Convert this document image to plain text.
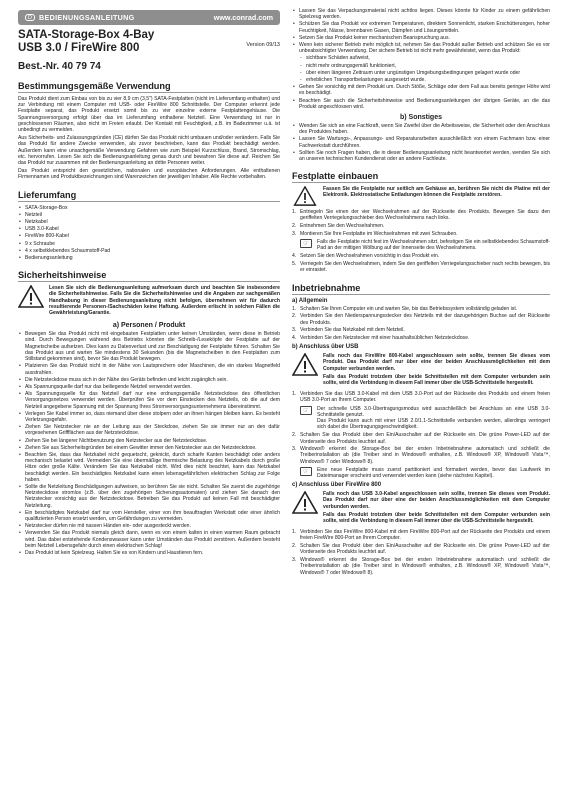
D BEDIENUNGSANLEITUNG	www.conrad.com
SATA-Storage-Box 4-Bay
USB 3.0 / FireWire 800	Version 09/13
Best.-Nr. 40 79 74
Bestimmungsgemäße Verwendung

Das Produkt dient zum Einbau von bis zu vier 8,9 cm (3,5") SATA-Festplatten (nicht im Lieferumfang enthalten) und zur Verbindung mit einem Computer mit USB- oder FireWire 800 Schnittstelle. Der Computer erkennt jede Festplatte separat, das Produkt ersetzt somit bis zu vier einzelne externe Festplattengehäuse. Die Spannungsversorgung erfolgt über das im Lieferumfang enthaltene Netzteil. Eine Verwendung ist nur in geschlossenen Räumen, also nicht im Freien erlaubt. Der Kontakt mit Feuchtigkeit, z.B. im Badezimmer u.ä. ist unbedingt zu vermeiden.

Aus Sicherheits- und Zulassungsgründen (CE) dürfen Sie das Produkt nicht umbauen und/oder verändern. Falls Sie das Produkt für andere Zwecke verwenden, als zuvor beschrieben, kann das Produkt beschädigt werden. Außerdem kann eine unsachgemäße Verwendung Gefahren wie zum Beispiel Kurzschluss, Brand, Stromschlag, etc. hervorrufen. Lesen Sie sich die Bedienungsanleitung genau durch und bewahren Sie diese auf. Reichen Sie das Produkt nur zusammen mit der Bedienungsanleitung an dritte Personen weiter.

Das Produkt entspricht den gesetzlichen, nationalen und europäischen Anforderungen. Alle enthaltenen Firmennamen und Produktbezeichnungen sind Warenzeichen der jeweiligen Inhaber. Alle Rechte vorbehalten.

Lieferumfang
• SATA-Storage-Box
• Netzteil
• Netzkabel
• USB 3.0-Kabel
• FireWire 800-Kabel
• 9 x Schraube
• 4 x selbstklebendes Schaumstoff-Pad
• Bedienungsanleitung
Sicherheitshinweise

Lesen Sie sich die Bedienungsanleitung aufmerksam durch und beachten Sie insbesondere die Sicherheitshinweise. Falls Sie die Sicherheitshinweise und die Angaben zur sachgemäßen Handhabung in dieser Bedienungsanleitung nicht befolgen, übernehmen wir für dadurch resultierende Personen-/Sachschäden keine Haftung. Außerdem erlischt in solchen Fällen die Gewährleistung/Garantie.

a) Personen / Produkt
• Bewegen Sie das Produkt nicht mit eingebauten Festplatten unter keinen Umständen, wenn diese in Betrieb sind. Durch Bewegungen während des Betriebs könnten die Schreib-/Leseköpfe der Festplatte auf der Magnetscheibe aufsetzen. Dies kann zu Datenverlust und zur Beschädigung der Festplatte führen. Schalten Sie das Produkt aus und warten Sie mindestens 30 Sekunden (bis die Magnetscheiben in den Festplatten zum Stillstand gekommen sind), bevor Sie das Produkt bewegen.
• Platzieren Sie das Produkt nicht in der Nähe von Lautsprechern oder Maschinen, die ein starkes Magnetfeld ausstrahlen.
• Die Netzsteckdose muss sich in der Nähe des Geräts befinden und leicht zugänglich sein.
• Als Spannungsquelle darf nur das beiliegende Netzteil verwendet werden.
• Als Spannungsquelle für das Netzteil darf nur eine ordnungsgemäße Netzsteckdose des öffentlichen Versorgungsnetzes verwendet werden. Überprüfen Sie vor dem Einstecken des Netzteils, ob die auf dem Netzteil angegebene Spannung mit der Spannung Ihres Stromversorgungsunternehmens übereinstimmt.
• Verlegen Sie Kabel immer so, dass niemand über diese stolpern oder an ihnen hängen bleiben kann. Es besteht Verletzungsgefahr.
• Ziehen Sie Netzstecker nie an der Leitung aus der Steckdose, ziehen Sie sie immer nur an den dafür vorgesehenen Griffflächen aus der Netzsteckdose.
• Ziehen Sie bei längerer Nichtbenutzung den Netzstecker aus der Netzsteckdose.
• Ziehen Sie aus Sicherheitsgründen bei einem Gewitter immer den Netzstecker aus der Netzsteckdose.
• Beachten Sie, dass das Netzkabel nicht gequetscht, geknickt, durch scharfe Kanten beschädigt oder anders mechanisch belastet wird. Vermeiden Sie eine übermäßige thermische Belastung des Netzkabels durch große Hitze oder große Kälte. Verändern Sie das Netzkabel nicht. Wird dies nicht beachtet, kann das Netzkabel beschädigt werden. Ein beschädigtes Netzkabel kann einen lebensgefährlichen elektrischen Schlag zur Folge haben.
• Sollte die Netzleitung Beschädigungen aufweisen, so berühren Sie sie nicht. Schalten Sie zuerst die zugehörige Netzsteckdose stromlos (z.B. über den zugehörigen Sicherungsautomaten) und ziehen Sie danach den Netzstecker vorsichtig aus der Netzsteckdose. Betreiben Sie das Produkt auf keinen Fall mit beschädigter Netzleitung.
• Ein beschädigtes Netzkabel darf nur vom Hersteller, einer von ihm beauftragten Werkstatt oder einer ähnlich qualifizierten Person ersetzt werden, um Gefährdungen zu vermeiden.
• Netzstecker dürfen nie mit nassen Händen ein- oder ausgesteckt werden.
• Verwenden Sie das Produkt niemals gleich dann, wenn es von einem kalten in einen warmen Raum gebracht wird. Das dabei entstehende Kondenswasser kann unter Umständen das Produkt zerstören. Außerdem besteht beim Netzteil Lebensgefahr durch einen elektrischen Schlag!
• Das Produkt ist kein Spielzeug. Halten Sie es von Kindern und Haustieren fern.
• Lassen Sie das Verpackungsmaterial nicht achtlos liegen. Dieses könnte für Kinder zu einem gefährlichen Spielzeug werden.
• Schützen Sie das Produkt vor extremen Temperaturen, direktem Sonnenlicht, starken Erschütterungen, hoher Feuchtigkeit, Nässe, brennbaren Gasen, Dämpfen und Lösungsmitteln.
• Setzen Sie das Produkt keiner mechanischen Beanspruchung aus.
• Wenn kein sicherer Betrieb mehr möglich ist, nehmen Sie das Produkt außer Betrieb und schützen Sie es vor unbeabsichtigter Verwendung. Der sichere Betrieb ist nicht mehr gewährleistet, wenn das Produkt:
- sichtbare Schäden aufweist,
- nicht mehr ordnungsgemäß funktioniert,
- über einen längeren Zeitraum unter ungünstigen Umgebungsbedingungen gelagert wurde oder
- erheblichen Transportbelastungen ausgesetzt wurde.
• Gehen Sie vorsichtig mit dem Produkt um. Durch Stöße, Schläge oder dem Fall aus bereits geringer Höhe wird es beschädigt.
• Beachten Sie auch die Sicherheitshinweise und Bedienungsanleitungen der übrigen Geräte, an die das Produkt angeschlossen wird.
b) Sonstiges
• Wenden Sie sich an eine Fachkraft, wenn Sie Zweifel über die Arbeitsweise, die Sicherheit oder den Anschluss des Produktes haben.
• Lassen Sie Wartungs-, Anpassungs- und Reparaturarbeiten ausschließlich von einem Fachmann bzw. einer Fachwerkstatt durchführen.
• Sollten Sie noch Fragen haben, die in dieser Bedienungsanleitung nicht beantwortet werden, wenden Sie sich an unseren technischen Kundendienst oder an andere Fachleute.
Festplatte einbauen

Fassen Sie die Festplatte nur seitlich am Gehäuse an, berühren Sie nicht die Platine mit der Elektronik. Elektrostatische Entladungen können die Festplatte zerstören.

1. Entriegeln Sie einen der vier Wechselrahmen auf der Rückseite des Produkts. Bewegen Sie dazu den geriffelten Verriegelungsschieber des Wechselrahmens nach links.
2. Entnehmen Sie den Wechselrahmen.
3. Montieren Sie Ihre Festplatte im Wechselrahmen mit zwei Schrauben.
☞	Falls die Festplatte nicht fest im Wechselrahmen sitzt, befestigen Sie ein selbstklebendes Schaumstoff-Pad an der mittigen Wölbung auf der Innenseite des Wechselrahmens.

4. Setzen Sie den Wechselrahmen vorsichtig in das Produkt ein.
5. Verriegeln Sie den Wechselrahmen, indem Sie den geriffelten Verriegelungsschieber nach rechts bewegen, bis er einrastet.
Inbetriebnahme
a) Allgemein
1. Schalten Sie Ihren Computer ein und warten Sie, bis das Betriebssystem vollständig geladen ist.
2. Verbinden Sie den Niederspannungsstecker des Netzteils mit der dazugehörigen Buchse auf der Rückseite des Produkts.
3. Verbinden Sie das Netzkabel mit dem Netzteil.
4. Verbinden Sie den Netzstecker mit einer haushaltsüblichen Netzsteckdose.
b) Anschluss über USB

Falls noch das FireWire 800-Kabel angeschlossen sein sollte, trennen Sie dieses vom Produkt. Das Produkt darf nur über eine der beiden Anschlussmöglichkeiten mit dem Computer verbunden werden.

Falls das Produkt trotzdem über beide Schnittstellen mit dem Computer verbunden sein sollte, wird die Verbindung in diesem Fall immer über die USB-Schnittstelle hergestellt.

1. Verbinden Sie das USB 3.0-Kabel mit dem USB 3.0-Port auf der Rückseite des Produkts und einem freien USB 3.0-Port an Ihrem Computer.
☞	Der schnelle USB 3.0-Übertragungsmodus wird ausschließlich bei Anschluss an eine USB 3.0-Schnittstelle genutzt.

Das Produkt kann auch mit einer USB 2.0/1.1-Schnittstelle verbunden werden, allerdings verringert sich dabei die Übertragungsgeschwindigkeit.

2. Schalten Sie das Produkt über den Ein/Ausschalter auf der Rückseite ein. Die grüne Power-LED auf der Vorderseite des Produkts leuchtet auf.
3. Windows® erkennt die Storage-Box bei der ersten Inbetriebnahme automatisch und schließt die Treiberinstallation ab (die Treiber sind in Windows® enthalten, z.B. Windows® XP, Windows® Vista™, Windows® 7 oder Windows® 8).
☞	Eine neue Festplatte muss zuerst partitioniert und formatiert werden, bevor das Laufwerk im Dateimanager erscheint und verwendet werden kann (siehe nächstes Kapitel).

c) Anschluss über FireWire 800

Falls noch das USB 3.0-Kabel angeschlossen sein sollte, trennen Sie dieses vom Produkt. Das Produkt darf nur über eine der beiden Anschlussmöglichkeiten mit dem Computer verbunden werden.

Falls das Produkt trotzdem über beide Schnittstellen mit dem Computer verbunden sein sollte, wird die Verbindung in diesem Fall immer über die USB-Schnittstelle hergestellt.

1. Verbinden Sie das FireWire 800-Kabel mit dem FireWire 800-Port auf der Rückseite des Produkts und einem freien FireWire 800-Port an Ihrem Computer.
2. Schalten Sie das Produkt über den Ein/Ausschalter auf der Rückseite ein. Die grüne Power-LED auf der Vorderseite des Produkts leuchtet auf.
3. Windows® erkennt die Storage-Box bei der ersten Inbetriebnahme automatisch und schließt die Treiberinstallation ab (die Treiber sind in Windows® enthalten, z.B. Windows® XP, Windows® Vista™, Windows® 7 oder Windows® 8).
